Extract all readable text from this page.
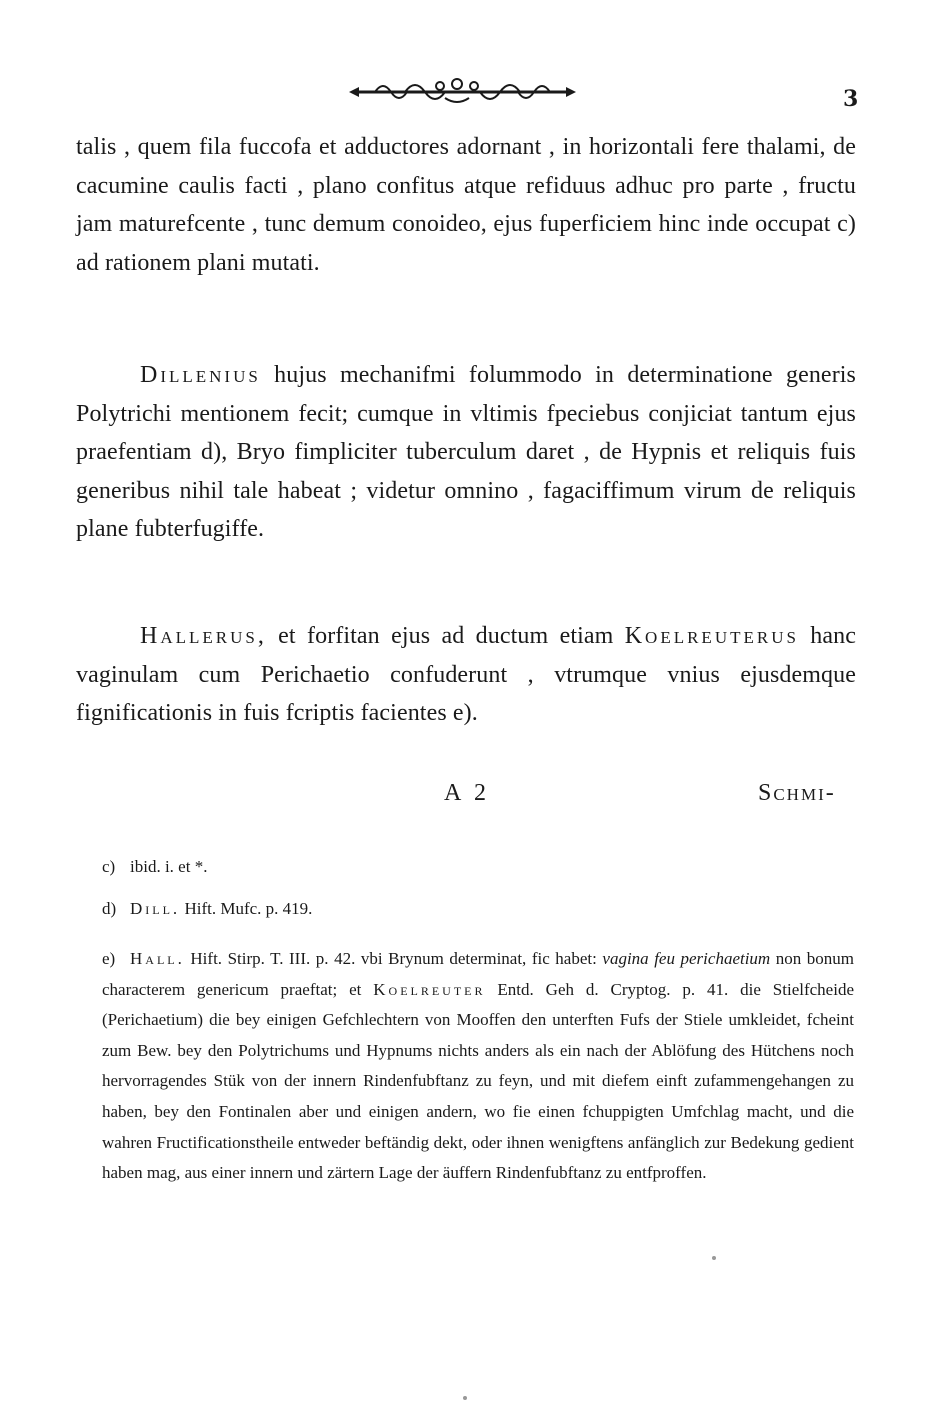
3
talis , quem fila fuccofa et adductores adornant , in horizontali fere thalami, de cacumine caulis facti , plano confitus atque refiduus adhuc pro parte , fructu jam maturefcente , tunc demum conoideo, ejus fuperficiem hinc inde occupat c) ad rationem plani mutati.
Dillenius hujus mechanifmi folummodo in determinatione generis Polytrichi mentionem fecit; cumque in vltimis fpeciebus conjiciat tantum ejus praefentiam d), Bryo fimpliciter tuberculum daret , de Hypnis et reliquis fuis generibus nihil tale habeat ; videtur omnino , fagaciffimum virum de reliquis plane fubterfugiffe.
Hallerus, et forfitan ejus ad ductum etiam Koelreuterus hanc vaginulam cum Perichaetio confuderunt , vtrumque vnius ejusdemque fignificationis in fuis fcriptis facientes e).
A 2	Schmi-
c) ibid. i. et *.
d) Dill. Hift. Mufc. p. 419.
e) Hall. Hift. Stirp. T. III. p. 42. vbi Brynum determinat, fic habet: vagina feu perichaetium non bonum characterem genericum praeftat; et Koelreuter Entd. Geh d. Cryptog. p. 41. die Stielfcheide (Perichaetium) die bey einigen Gefchlechtern von Mooffen den unterften Fufs der Stiele umkleidet, fcheint zum Bew. bey den Polytrichums und Hypnums nichts anders als ein nach der Ablöfung des Hütchens noch hervorragendes Stük von der innern Rindenfubftanz zu feyn, und mit diefem einft zufammengehangen zu haben, bey den Fontinalen aber und einigen andern, wo fie einen fchuppigten Umfchlag macht, und die wahren Fructificationstheile entweder beftändig dekt, oder ihnen wenigftens anfänglich zur Bedekung gedient haben mag, aus einer innern und zärtern Lage der äuffern Rindenfubftanz zu entfproffen.
